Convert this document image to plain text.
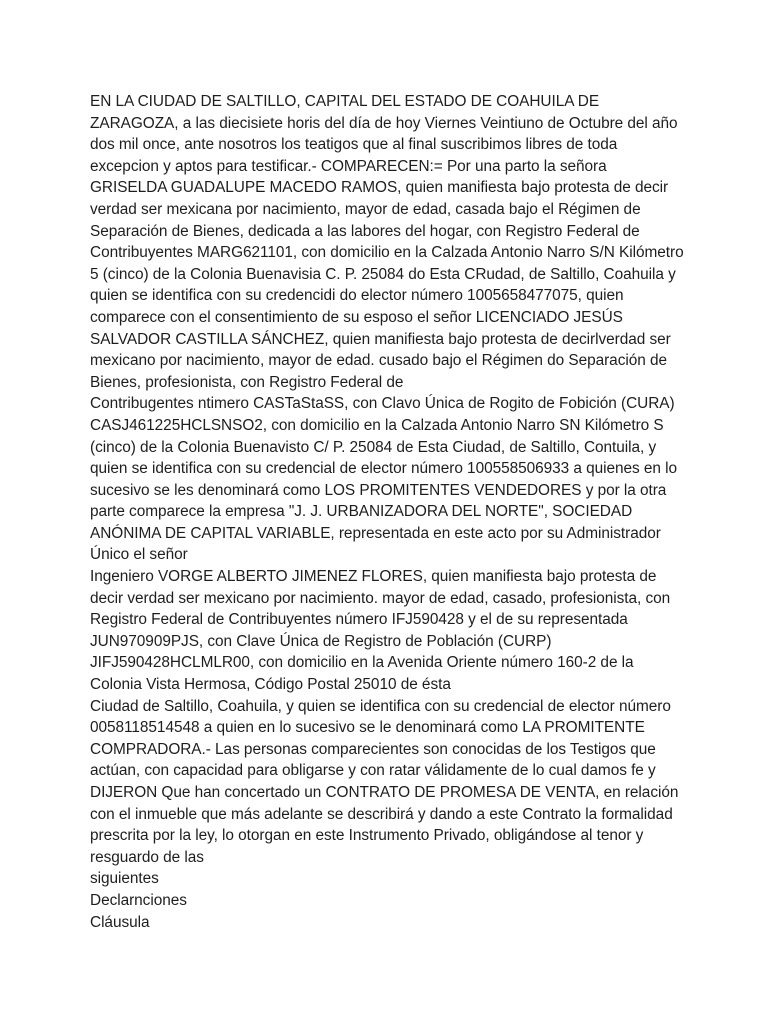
EN LA CIUDAD DE SALTILLO, CAPITAL DEL ESTADO DE COAHUILA DE
ZARAGOZA, a las diecisiete horis del día de hoy Viernes Veintiuno de Octubre del año
dos mil once, ante nosotros los teatigos que al final suscribimos libres de toda
excepcion y aptos para testificar.- COMPARECEN:= Por una parto la señora
GRISELDA GUADALUPE MACEDO RAMOS, quien manifiesta bajo protesta de decir
verdad ser mexicana por nacimiento, mayor de edad, casada bajo el Régimen de
Separación de Bienes, dedicada a las labores del hogar, con Registro Federal de
Contribuyentes MARG621101, con domicilio en la Calzada Antonio Narro S/N Kilómetro
5 (cinco) de la Colonia Buenavisia C. P. 25084 do Esta CRudad, de Saltillo, Coahuila y
quien se identifica con su credencidi do elector número 1005658477075, quien
comparece con el consentimiento de su esposo el señor LICENCIADO JESÚS
SALVADOR CASTILLA SÁNCHEZ, quien manifiesta bajo protesta de decirlverdad ser
mexicano por nacimiento, mayor de edad. cusado bajo el Régimen do Separación de
Bienes, profesionista, con Registro Federal de
Contribugentes ntimero CASTaStaSS, con Clavo Única de Rogito de Fobición (CURA)
CASJ461225HCLSNSO2, con domicilio en la Calzada Antonio Narro SN Kilómetro S
(cinco) de la Colonia Buenavisto C/ P. 25084 de Esta Ciudad, de Saltillo, Contuila, y
quien se identifica con su credencial de elector número 100558506933 a quienes en lo
sucesivo se les denominará como LOS PROMITENTES VENDEDORES y por la otra
parte comparece la empresa "J. J. URBANIZADORA DEL NORTE", SOCIEDAD
ANÓNIMA DE CAPITAL VARIABLE, representada en este acto por su Administrador
Único el señor
Ingeniero VORGE ALBERTO JIMENEZ FLORES, quien manifiesta bajo protesta de
decir verdad ser mexicano por nacimiento. mayor de edad, casado, profesionista, con
Registro Federal de Contribuyentes número IFJ590428 y el de su representada
JUN970909PJS, con Clave Única de Registro de Población (CURP)
JIFJ590428HCLMLR00, con domicilio en la Avenida Oriente número 160-2 de la
Colonia Vista Hermosa, Código Postal 25010 de ésta
Ciudad de Saltillo, Coahuila, y quien se identifica con su credencial de elector número
0058118514548 a quien en lo sucesivo se le denominará como LA PROMITENTE
COMPRADORA.- Las personas comparecientes son conocidas de los Testigos que
actúan, con capacidad para obligarse y con ratar válidamente de lo cual damos fe y
DIJERON Que han concertado un CONTRATO DE PROMESA DE VENTA, en relación
con el inmueble que más adelante se describirá y dando a este Contrato la formalidad
prescrita por la ley, lo otorgan en este Instrumento Privado, obligándose al tenor y
resguardo de las
siguientes
Declarnciones
Cláusula
